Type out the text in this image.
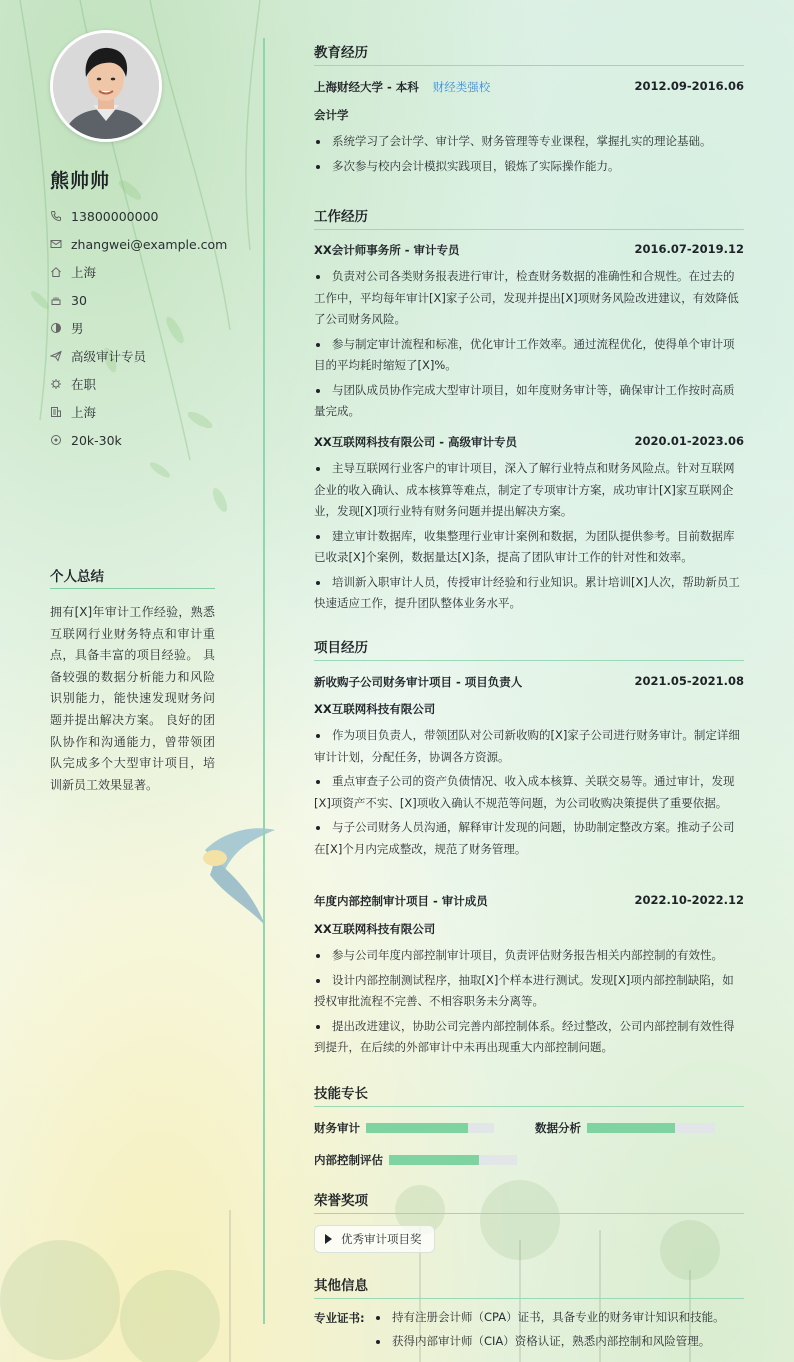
熊帅帅
13800000000
zhangwei@example.com
上海
30
男
高级审计专员
在职
上海
20k-30k
个人总结
拥有[X]年审计工作经验，熟悉互联网行业财务特点和审计重点，具备丰富的项目经验。 具备较强的数据分析能力和风险识别能力，能快速发现财务问题并提出解决方案。 良好的团队协作和沟通能力，曾带领团队完成多个大型审计项目，培训新员工效果显著。
教育经历
上海财经大学 - 本科 财经类强校	2012.09-2016.06
会计学
系统学习了会计学、审计学、财务管理等专业课程，掌握扎实的理论基础。
多次参与校内会计模拟实践项目，锻炼了实际操作能力。
工作经历
XX会计师事务所 - 审计专员	2016.07-2019.12
负责对公司各类财务报表进行审计，检查财务数据的准确性和合规性。在过去的工作中，平均每年审计[X]家子公司，发现并提出[X]项财务风险改进建议，有效降低了公司财务风险。
参与制定审计流程和标准，优化审计工作效率。通过流程优化，使得单个审计项目的平均耗时缩短了[X]%。
与团队成员协作完成大型审计项目，如年度财务审计等，确保审计工作按时高质量完成。
XX互联网科技有限公司 - 高级审计专员	2020.01-2023.06
主导互联网行业客户的审计项目，深入了解行业特点和财务风险点。针对互联网企业的收入确认、成本核算等难点，制定了专项审计方案，成功审计[X]家互联网企业，发现[X]项行业特有财务问题并提出解决方案。
建立审计数据库，收集整理行业审计案例和数据，为团队提供参考。目前数据库已收录[X]个案例，数据量达[X]条，提高了团队审计工作的针对性和效率。
培训新入职审计人员，传授审计经验和行业知识。累计培训[X]人次，帮助新员工快速适应工作，提升团队整体业务水平。
项目经历
新收购子公司财务审计项目 - 项目负责人	2021.05-2021.08
XX互联网科技有限公司
作为项目负责人，带领团队对公司新收购的[X]家子公司进行财务审计。制定详细审计计划，分配任务，协调各方资源。
重点审查子公司的资产负债情况、收入成本核算、关联交易等。通过审计，发现[X]项资产不实、[X]项收入确认不规范等问题，为公司收购决策提供了重要依据。
与子公司财务人员沟通，解释审计发现的问题，协助制定整改方案。推动子公司在[X]个月内完成整改，规范了财务管理。
年度内部控制审计项目 - 审计成员	2022.10-2022.12
XX互联网科技有限公司
参与公司年度内部控制审计项目，负责评估财务报告相关内部控制的有效性。
设计内部控制测试程序，抽取[X]个样本进行测试。发现[X]项内部控制缺陷，如授权审批流程不完善、不相容职务未分离等。
提出改进建议，协助公司完善内部控制体系。经过整改，公司内部控制有效性得到提升，在后续的外部审计中未再出现重大内部控制问题。
技能专长
财务审计	数据分析
内部控制评估
荣誉奖项
优秀审计项目奖
其他信息
专业证书:	持有注册会计师（CPA）证书，具备专业的财务审计知识和技能。
获得内部审计师（CIA）资格认证，熟悉内部控制和风险管理。
